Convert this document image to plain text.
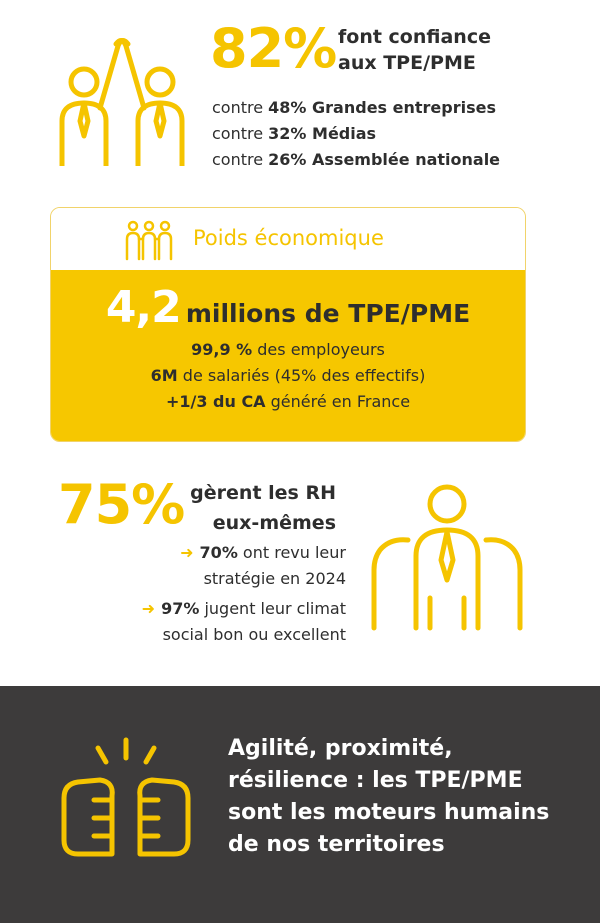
82% font confiance
aux TPE/PME
contre 48% Grandes entreprises
contre 32% Médias
contre 26% Assemblée nationale
Poids économique
4,2 millions de TPE/PME
99,9 % des employeurs
6M de salariés (45% des effectifs)
+1/3 du CA généré en France
75% gèrent les RH
eux-mêmes
➜ 70% ont revu leur
stratégie en 2024
➜ 97% jugent leur climat
social bon ou excellent
Agilité, proximité,
résilience : les TPE/PME
sont les moteurs humains
de nos territoires
